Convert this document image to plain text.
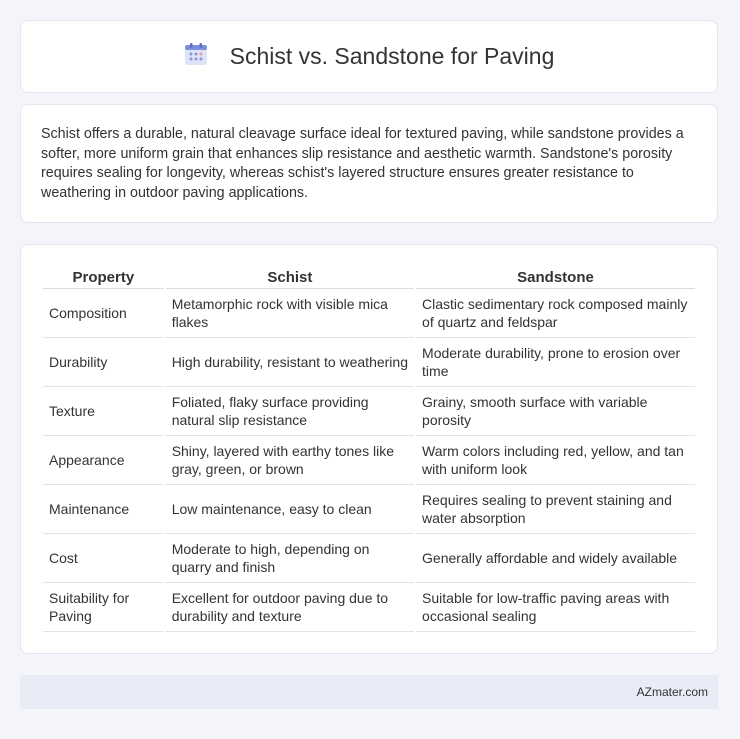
Schist vs. Sandstone for Paving

Schist offers a durable, natural cleavage surface ideal for textured paving, while sandstone provides a softer, more uniform grain that enhances slip resistance and aesthetic warmth. Sandstone's porosity requires sealing for longevity, whereas schist's layered structure ensures greater resistance to weathering in outdoor paving applications.

Property	Schist	Sandstone
Composition	Metamorphic rock with visible mica flakes	Clastic sedimentary rock composed mainly of quartz and feldspar
Durability	High durability, resistant to weathering	Moderate durability, prone to erosion over time
Texture	Foliated, flaky surface providing natural slip resistance	Grainy, smooth surface with variable porosity
Appearance	Shiny, layered with earthy tones like gray, green, or brown	Warm colors including red, yellow, and tan with uniform look
Maintenance	Low maintenance, easy to clean	Requires sealing to prevent staining and water absorption
Cost	Moderate to high, depending on quarry and finish	Generally affordable and widely available
Suitability for Paving	Excellent for outdoor paving due to durability and texture	Suitable for low-traffic paving areas with occasional sealing
AZmater.com
